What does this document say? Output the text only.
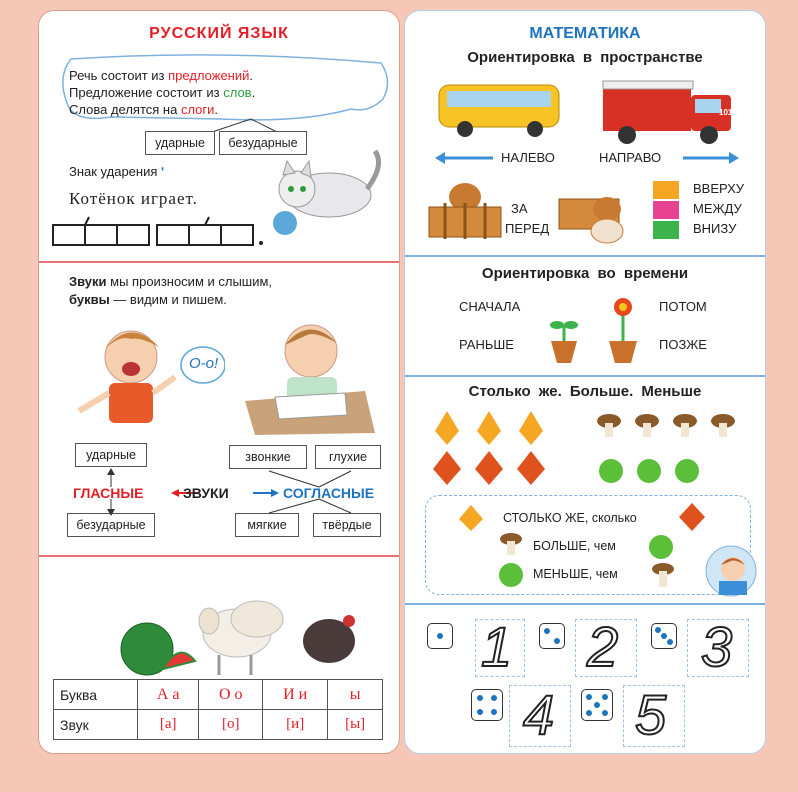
РУССКИЙ ЯЗЫК
Речь состоит из предложений.
Предложение состоит из слов.
Слова делятся на слоги.
ударные	безударные
Знак ударения ʹ
Котёнок играет.
Звуки мы произносим и слышим,
буквы — видим и пишем.
О-о!
ударные
безударные
звонкие	глухие
мягкие	твёрдые
ГЛАСНЫЕ	ЗВУКИ	СОГЛАСНЫЕ
Буква	А а	О о	И и	ы
Звук	[а]	[о]	[и]	[ы]
МАТЕМАТИКА
Ориентировка в пространстве
101
НАЛЕВО	НАПРАВО
ЗА
ПЕРЕД
ВВЕРХУ
МЕЖДУ
ВНИЗУ
Ориентировка во времени
СНАЧАЛА
РАНЬШЕ
ПОТОМ
ПОЗЖЕ
Столько же. Больше. Меньше
СТОЛЬКО ЖЕ, сколько
БОЛЬШЕ, чем
МЕНЬШЕ, чем
1 2 3
4 5
